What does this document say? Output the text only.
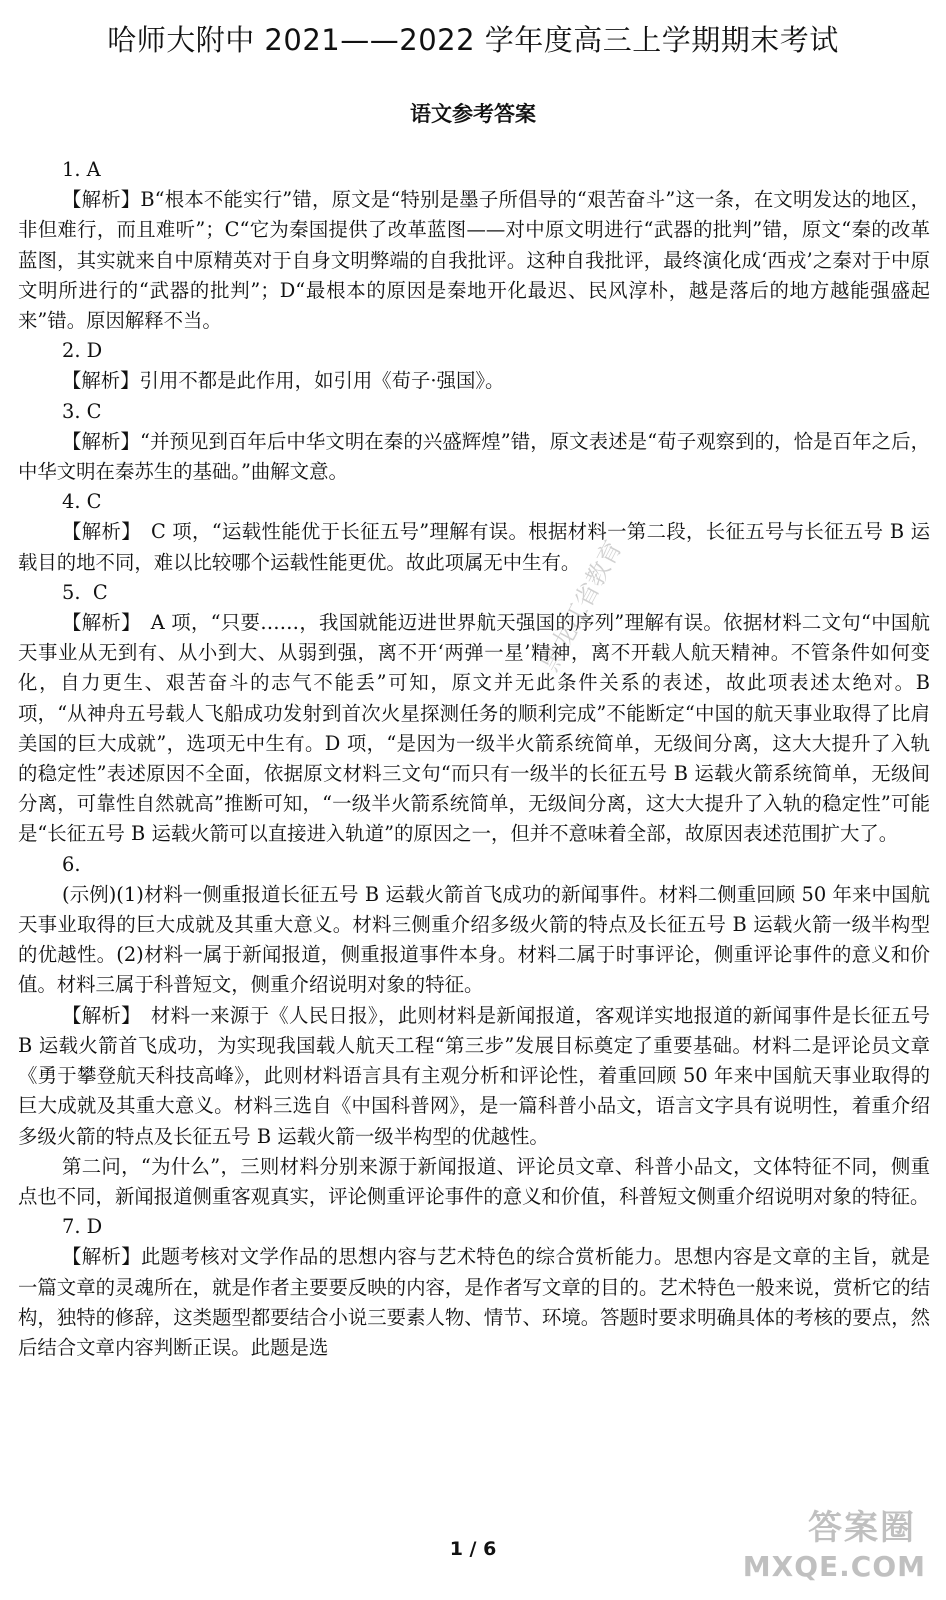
哈师大附中 2021——2022 学年度高三上学期期末考试
语文参考答案
1. A

【解析】B“根本不能实行”错，原文是“特别是墨子所倡导的“艰苦奋斗”这一条，在文明发达的地区，非但难行，而且难听”；C“它为秦国提供了改革蓝图——对中原文明进行“武器的批判”错，原文“秦的改革蓝图，其实就来自中原精英对于自身文明弊端的自我批评。这种自我批评，最终演化成‘西戎’之秦对于中原文明所进行的“武器的批判”；D“最根本的原因是秦地开化最迟、民风淳朴，越是落后的地方越能强盛起来”错。原因解释不当。

2. D

【解析】引用不都是此作用，如引用《荀子·强国》。

3. C

【解析】“并预见到百年后中华文明在秦的兴盛辉煌”错，原文表述是“荀子观察到的，恰是百年之后，中华文明在秦苏生的基础。”曲解文意。

4. C

【解析】　C 项，“运载性能优于长征五号”理解有误。根据材料一第二段，长征五号与长征五号 B 运载目的地不同，难以比较哪个运载性能更优。故此项属无中生有。

5.  C

【解析】　A 项，“只要……，我国就能迈进世界航天强国的序列”理解有误。依据材料二文句“中国航天事业从无到有、从小到大、从弱到强，离不开‘两弹一星’精神，离不开载人航天精神。不管条件如何变化，自力更生、艰苦奋斗的志气不能丢”可知，原文并无此条件关系的表述，故此项表述太绝对。B 项，“从神舟五号载人飞船成功发射到首次火星探测任务的顺利完成”不能断定“中国的航天事业取得了比肩美国的巨大成就”，选项无中生有。D 项，“是因为一级半火箭系统简单，无级间分离，这大大提升了入轨的稳定性”表述原因不全面，依据原文材料三文句“而只有一级半的长征五号 B 运载火箭系统简单，无级间分离，可靠性自然就高”推断可知，“一级半火箭系统简单，无级间分离，这大大提升了入轨的稳定性”可能是“长征五号 B 运载火箭可以直接进入轨道”的原因之一，但并不意味着全部，故原因表述范围扩大了。

6.

(示例)(1)材料一侧重报道长征五号 B 运载火箭首飞成功的新闻事件。材料二侧重回顾 50 年来中国航天事业取得的巨大成就及其重大意义。材料三侧重介绍多级火箭的特点及长征五号 B 运载火箭一级半构型的优越性。(2)材料一属于新闻报道，侧重报道事件本身。材料二属于时事评论，侧重评论事件的意义和价值。材料三属于科普短文，侧重介绍说明对象的特征。

【解析】　材料一来源于《人民日报》，此则材料是新闻报道，客观详实地报道的新闻事件是长征五号 B 运载火箭首飞成功，为实现我国载人航天工程“第三步”发展目标奠定了重要基础。材料二是评论员文章《勇于攀登航天科技高峰》，此则材料语言具有主观分析和评论性，着重回顾 50 年来中国航天事业取得的巨大成就及其重大意义。材料三选自《中国科普网》，是一篇科普小品文，语言文字具有说明性，着重介绍多级火箭的特点及长征五号 B 运载火箭一级半构型的优越性。

第二问，“为什么”，三则材料分别来源于新闻报道、评论员文章、科普小品文，文体特征不同，侧重点也不同，新闻报道侧重客观真实，评论侧重评论事件的意义和价值，科普短文侧重介绍说明对象的特征。

7. D

【解析】此题考核对文学作品的思想内容与艺术特色的综合赏析能力。思想内容是文章的主旨，就是一篇文章的灵魂所在，就是作者主要要反映的内容，是作者写文章的目的。艺术特色一般来说，赏析它的结构，独特的修辞，这类题型都要结合小说三要素人物、情节、环境。答题时要求明确具体的考核的要点，然后结合文章内容判断正误。此题是选

黑龙江省教育
1 / 6
答案圈
MXQE.COM
